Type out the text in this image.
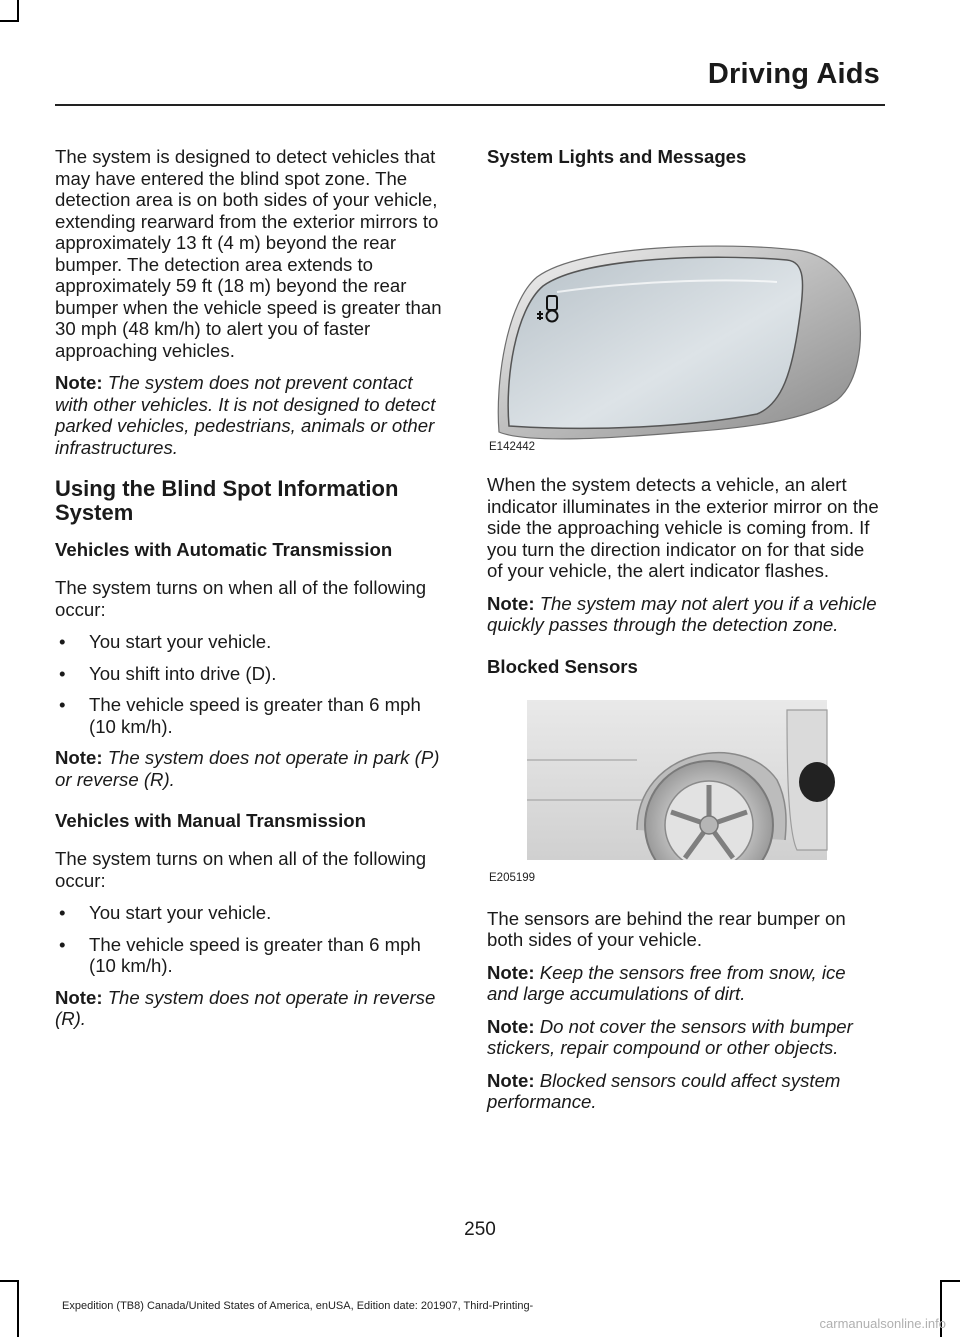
Driving Aids

The system is designed to detect vehicles that may have entered the blind spot zone. The detection area is on both sides of your vehicle, extending rearward from the exterior mirrors to approximately 13 ft (4 m) beyond the rear bumper. The detection area extends to approximately 59 ft (18 m) beyond the rear bumper when the vehicle speed is greater than 30 mph (48 km/h) to alert you of faster approaching vehicles.

Note: The system does not prevent contact with other vehicles. It is not designed to detect parked vehicles, pedestrians, animals or other infrastructures.

Using the Blind Spot Information System
Vehicles with Automatic Transmission

The system turns on when all of the following occur:

• You start your vehicle.
• You shift into drive (D).
• The vehicle speed is greater than 6 mph (10 km/h).

Note: The system does not operate in park (P) or reverse (R).

Vehicles with Manual Transmission

The system turns on when all of the following occur:

• You start your vehicle.
• The vehicle speed is greater than 6 mph (10 km/h).

Note: The system does not operate in reverse (R).

System Lights and Messages
E142442

When the system detects a vehicle, an alert indicator illuminates in the exterior mirror on the side the approaching vehicle is coming from. If you turn the direction indicator on for that side of your vehicle, the alert indicator flashes.

Note: The system may not alert you if a vehicle quickly passes through the detection zone.

Blocked Sensors
E205199

The sensors are behind the rear bumper on both sides of your vehicle.

Note: Keep the sensors free from snow, ice and large accumulations of dirt.

Note: Do not cover the sensors with bumper stickers, repair compound or other objects.

Note: Blocked sensors could affect system performance.

250
Expedition (TB8) Canada/United States of America, enUSA, Edition date: 201907, Third-Printing-
carmanualsonline.info
